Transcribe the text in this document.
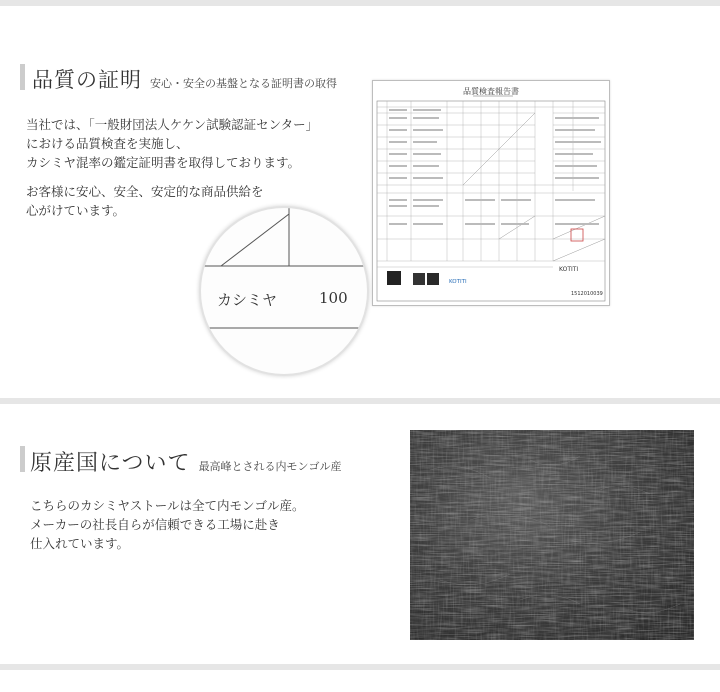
品質の証明 安心・安全の基盤となる証明書の取得
当社では、「一般財団法人ケケン試験認証センター」
における品質検査を実施し、
カシミヤ混率の鑑定証明書を取得しております。
お客様に安心、安全、安定的な商品供給を
心がけています。
品質検査報告書
KOTITI
KOTITI
1512010039
カシミヤ	100
原産国について 最高峰とされる内モンゴル産
こちらのカシミヤストールは全て内モンゴル産。
メーカーの社長自らが信頼できる工場に赴き
仕入れています。
